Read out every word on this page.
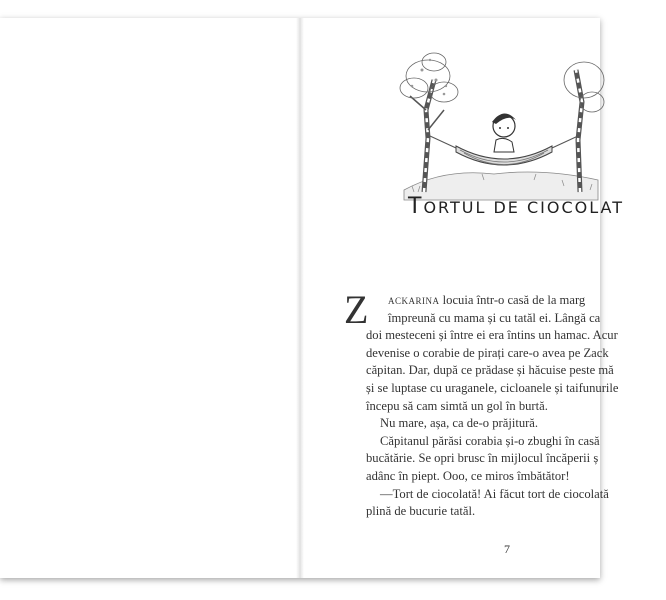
TORTUL DE CIOCOLAT
Z ackarina locuia într-o casă de la marg
împreună cu mama și cu tatăl ei. Lângă ca
doi mesteceni și între ei era întins un hamac. Acur
devenise o corabie de pirați care-o avea pe Zack
căpitan. Dar, după ce prădase și hăcuise peste mă
și se luptase cu uraganele, cicloanele și taifunurile
începu să cam simtă un gol în burtă.
Nu mare, așa, ca de-o prăjitură.
Căpitanul părăsi corabia și-o zbughi în casă
bucătărie. Se opri brusc în mijlocul încăperii ș
adânc în piept. Ooo, ce miros îmbătător!
—Tort de ciocolată! Ai făcut tort de ciocolată
plină de bucurie tatăl.
7
